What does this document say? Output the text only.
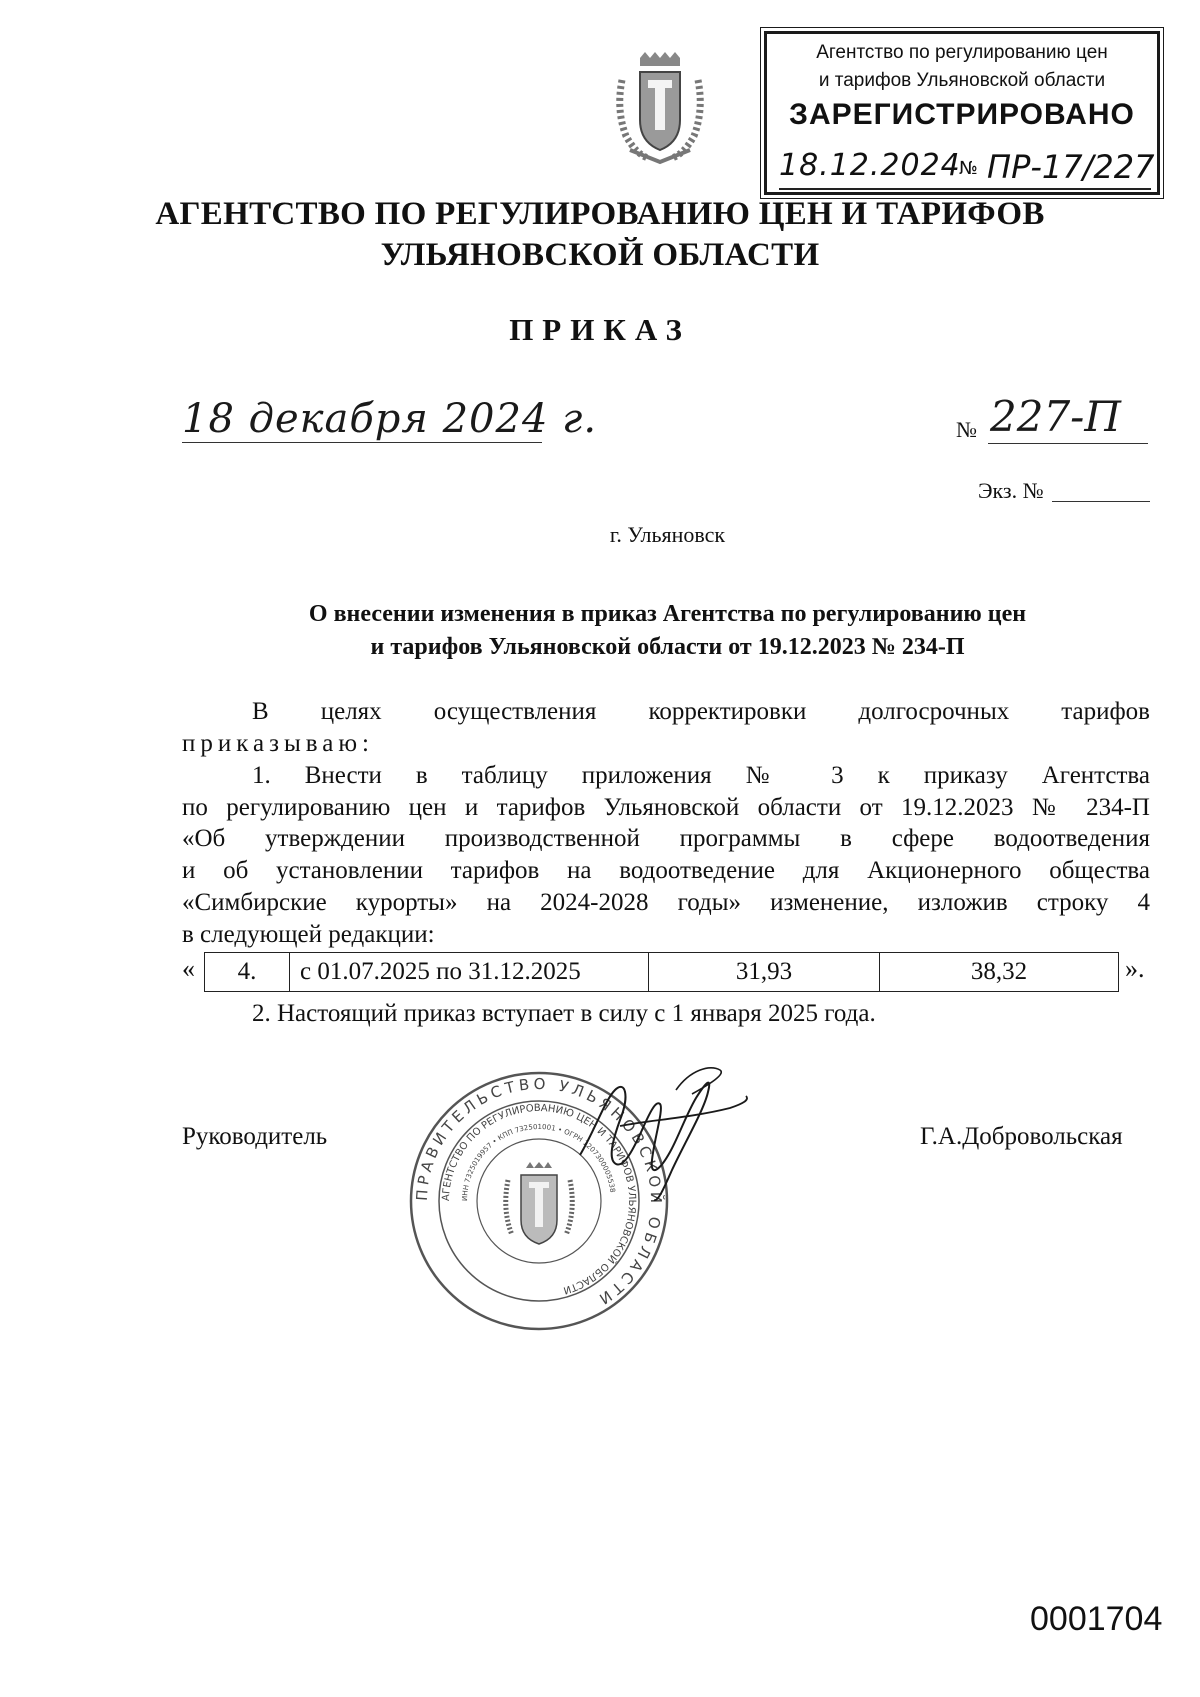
Агентство по регулированию цен
и тарифов Ульяновской области
ЗАРЕГИСТРИРОВАНО
18.12.2024
№ ПР-17/227
АГЕНТСТВО ПО РЕГУЛИРОВАНИЮ ЦЕН И ТАРИФОВ
УЛЬЯНОВСКОЙ ОБЛАСТИ
ПРИКАЗ
18 декабря 2024 г.	№ 227-П
Экз. №
г. Ульяновск
О внесении изменения в приказ Агентства по регулированию цен
и тарифов Ульяновской области от 19.12.2023 № 234-П
В целях осуществления корректировки долгосрочных тарифов
приказываю:
1. Внести в таблицу приложения № 3 к приказу Агентства
по регулированию цен и тарифов Ульяновской области от 19.12.2023 № 234-П
«Об утверждении производственной программы в сфере водоотведения
и об установлении тарифов на водоотведение для Акционерного общества
«Симбирские курорты» на 2024-2028 годы» изменение, изложив строку 4
в следующей редакции:
« 4.	с 01.07.2025 по 31.12.2025	31,93	38,32	».
2. Настоящий приказ вступает в силу с 1 января 2025 года.
Руководитель	Г.А.Добровольская
ПРАВИТЕЛЬСТВО УЛЬЯНОВСКОЙ ОБЛАСТИ
АГЕНТСТВО ПО РЕГУЛИРОВАНИЮ ЦЕН И ТАРИФОВ УЛЬЯНОВСКОЙ ОБЛАСТИ
ИНН 7325019957 • КПП 732501001 • ОГРН 1207300005538
0001704
